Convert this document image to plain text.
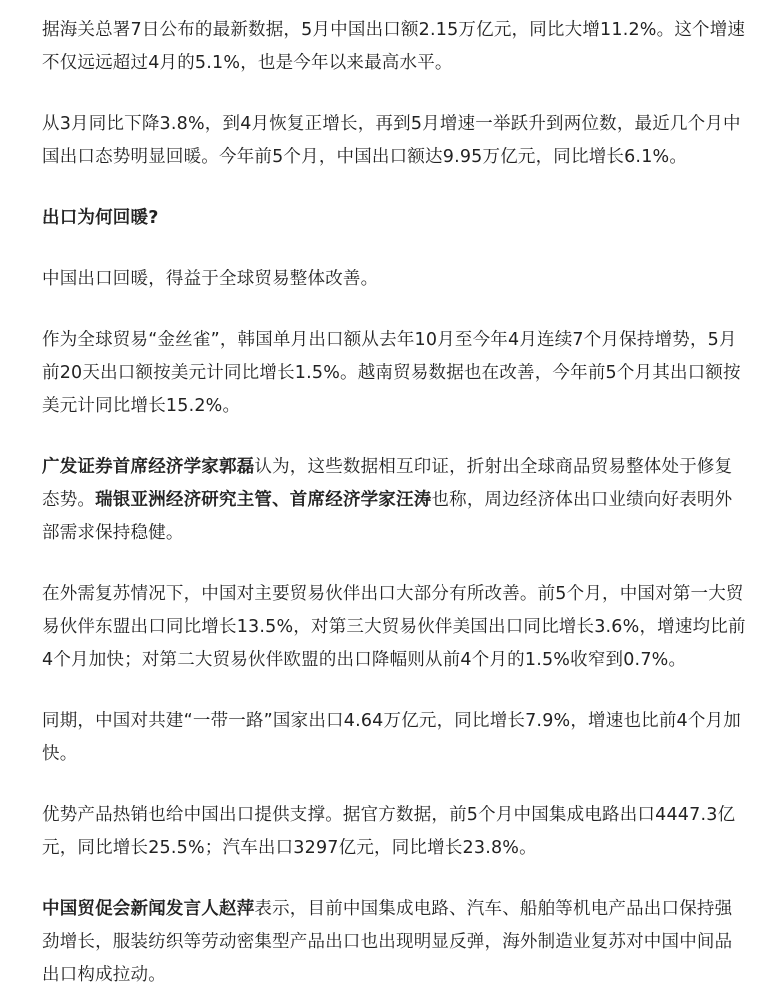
据海关总署7日公布的最新数据，5月中国出口额2.15万亿元，同比大增11.2%。这个增速不仅远远超过4月的5.1%，也是今年以来最高水平。

从3月同比下降3.8%，到4月恢复正增长，再到5月增速一举跃升到两位数，最近几个月中国出口态势明显回暖。今年前5个月，中国出口额达9.95万亿元，同比增长6.1%。

出口为何回暖?

中国出口回暖，得益于全球贸易整体改善。

作为全球贸易“金丝雀”，韩国单月出口额从去年10月至今年4月连续7个月保持增势，5月前20天出口额按美元计同比增长1.5%。越南贸易数据也在改善，今年前5个月其出口额按美元计同比增长15.2%。

广发证券首席经济学家郭磊认为，这些数据相互印证，折射出全球商品贸易整体处于修复态势。瑞银亚洲经济研究主管、首席经济学家汪涛也称，周边经济体出口业绩向好表明外部需求保持稳健。

在外需复苏情况下，中国对主要贸易伙伴出口大部分有所改善。前5个月，中国对第一大贸易伙伴东盟出口同比增长13.5%，对第三大贸易伙伴美国出口同比增长3.6%，增速均比前4个月加快；对第二大贸易伙伴欧盟的出口降幅则从前4个月的1.5%收窄到0.7%。

同期，中国对共建“一带一路”国家出口4.64万亿元，同比增长7.9%，增速也比前4个月加快。

优势产品热销也给中国出口提供支撑。据官方数据，前5个月中国集成电路出口4447.3亿元，同比增长25.5%；汽车出口3297亿元，同比增长23.8%。

中国贸促会新闻发言人赵萍表示，目前中国集成电路、汽车、船舶等机电产品出口保持强劲增长，服装纺织等劳动密集型产品出口也出现明显反弹，海外制造业复苏对中国中间品出口构成拉动。
